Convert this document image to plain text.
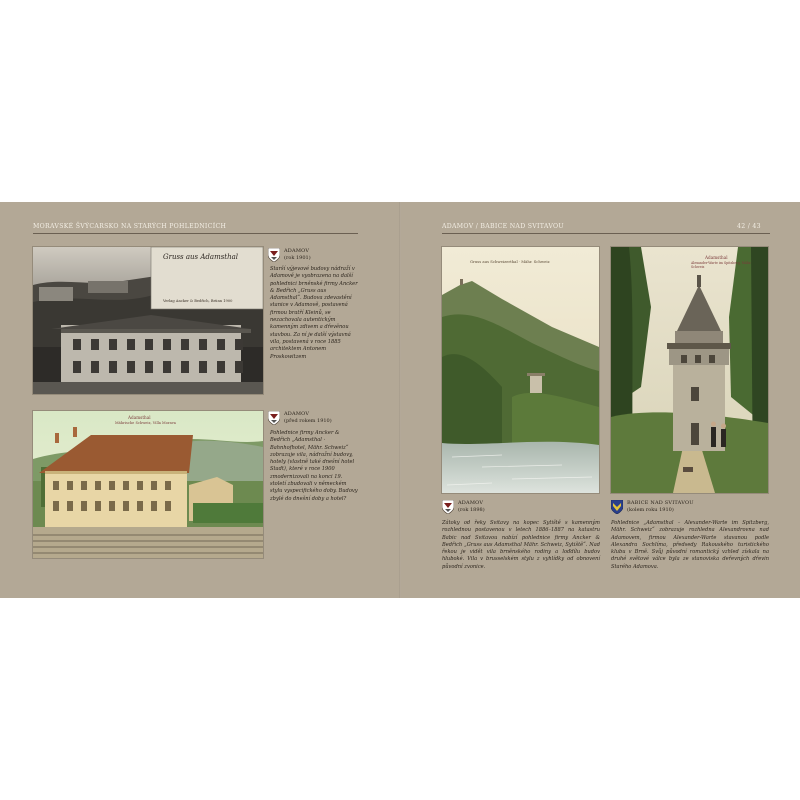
MORAVSKÉ ŠVÝCARSKO NA STARÝCH POHLEDNICÍCH
Gruss aus Adamsthal
Verlag Ancker & Bedřich, Brünn 1900
ADAMOV
(rok 1901)
Starší výjevové budovy nádraží v Adamově je vyobrazena na další pohlednici brněnské firmy Ancker & Bedřich „Gruss aus Adamsthal“. Budova zdevastění stanice v Adamově, postavená firmou bratří Kleinů, se nezachovala autentickým kamenným zdivem a dřevěnou stavbou. Za ní je další výstavná vila, postavená v roce 1885 architektem Antonem Proskowitzem
Adamsthal
Mährische Schweiz, Villa Morava
ADAMOV
(před rokem 1910)
Pohlednice firmy Ancker & Bedřich „Adamsthal · Bahnhofhotel, Mähr. Schweiz“ zobrazuje vila, nádražní budovy, hotely (vlastně také dnešní hotel Stadt), které v roce 1900 zmodernizovali na konci 19. století zbudovali v německém stylu vyspecifického doby. Budovy zbylé do dnešní doby a hotel?
ADAMOV / BABICE NAD SVITAVOU	42 / 43
Gruss aus Schweizerthal · Mähr. Schweiz
ADAMOV
(rok 1898)
Zátoky od řeky Svitavy na kopec Sytiště s kamenným rozhlednou postavenou v letech 1886–1887 na katastru Babic nad Svitavou nabízí pohlednice firmy Ancker & Bedřich „Gruss aus Adamsthal Mähr. Schweiz, Sytiště“. Nad řekou je vidět vila brněnského rodiny a loďdílu budov hluboké. Vila v brusselském stylu z vyhlídky od obnovení původní zvonice.
Adamsthal
Alexander-Warte im Spitzberg, Mähr. Schweiz
BABICE NAD SVITAVOU
(kolem roku 1910)
Pohlednice „Adamsthal – Alexander-Warte im Spitzberg, Mähr. Schweiz“ zobrazuje rozhledna Alexandrovna nad Adamovem, firmou Alexander-Warte stavanou podle Alexandra Sochlíma, předsedy Rakouského turistického klubu v Brně. Svůj původní romantický vzhled získala na druhé světové válce byla ze stanoviska deřevných dřevin Starého Adamova.
